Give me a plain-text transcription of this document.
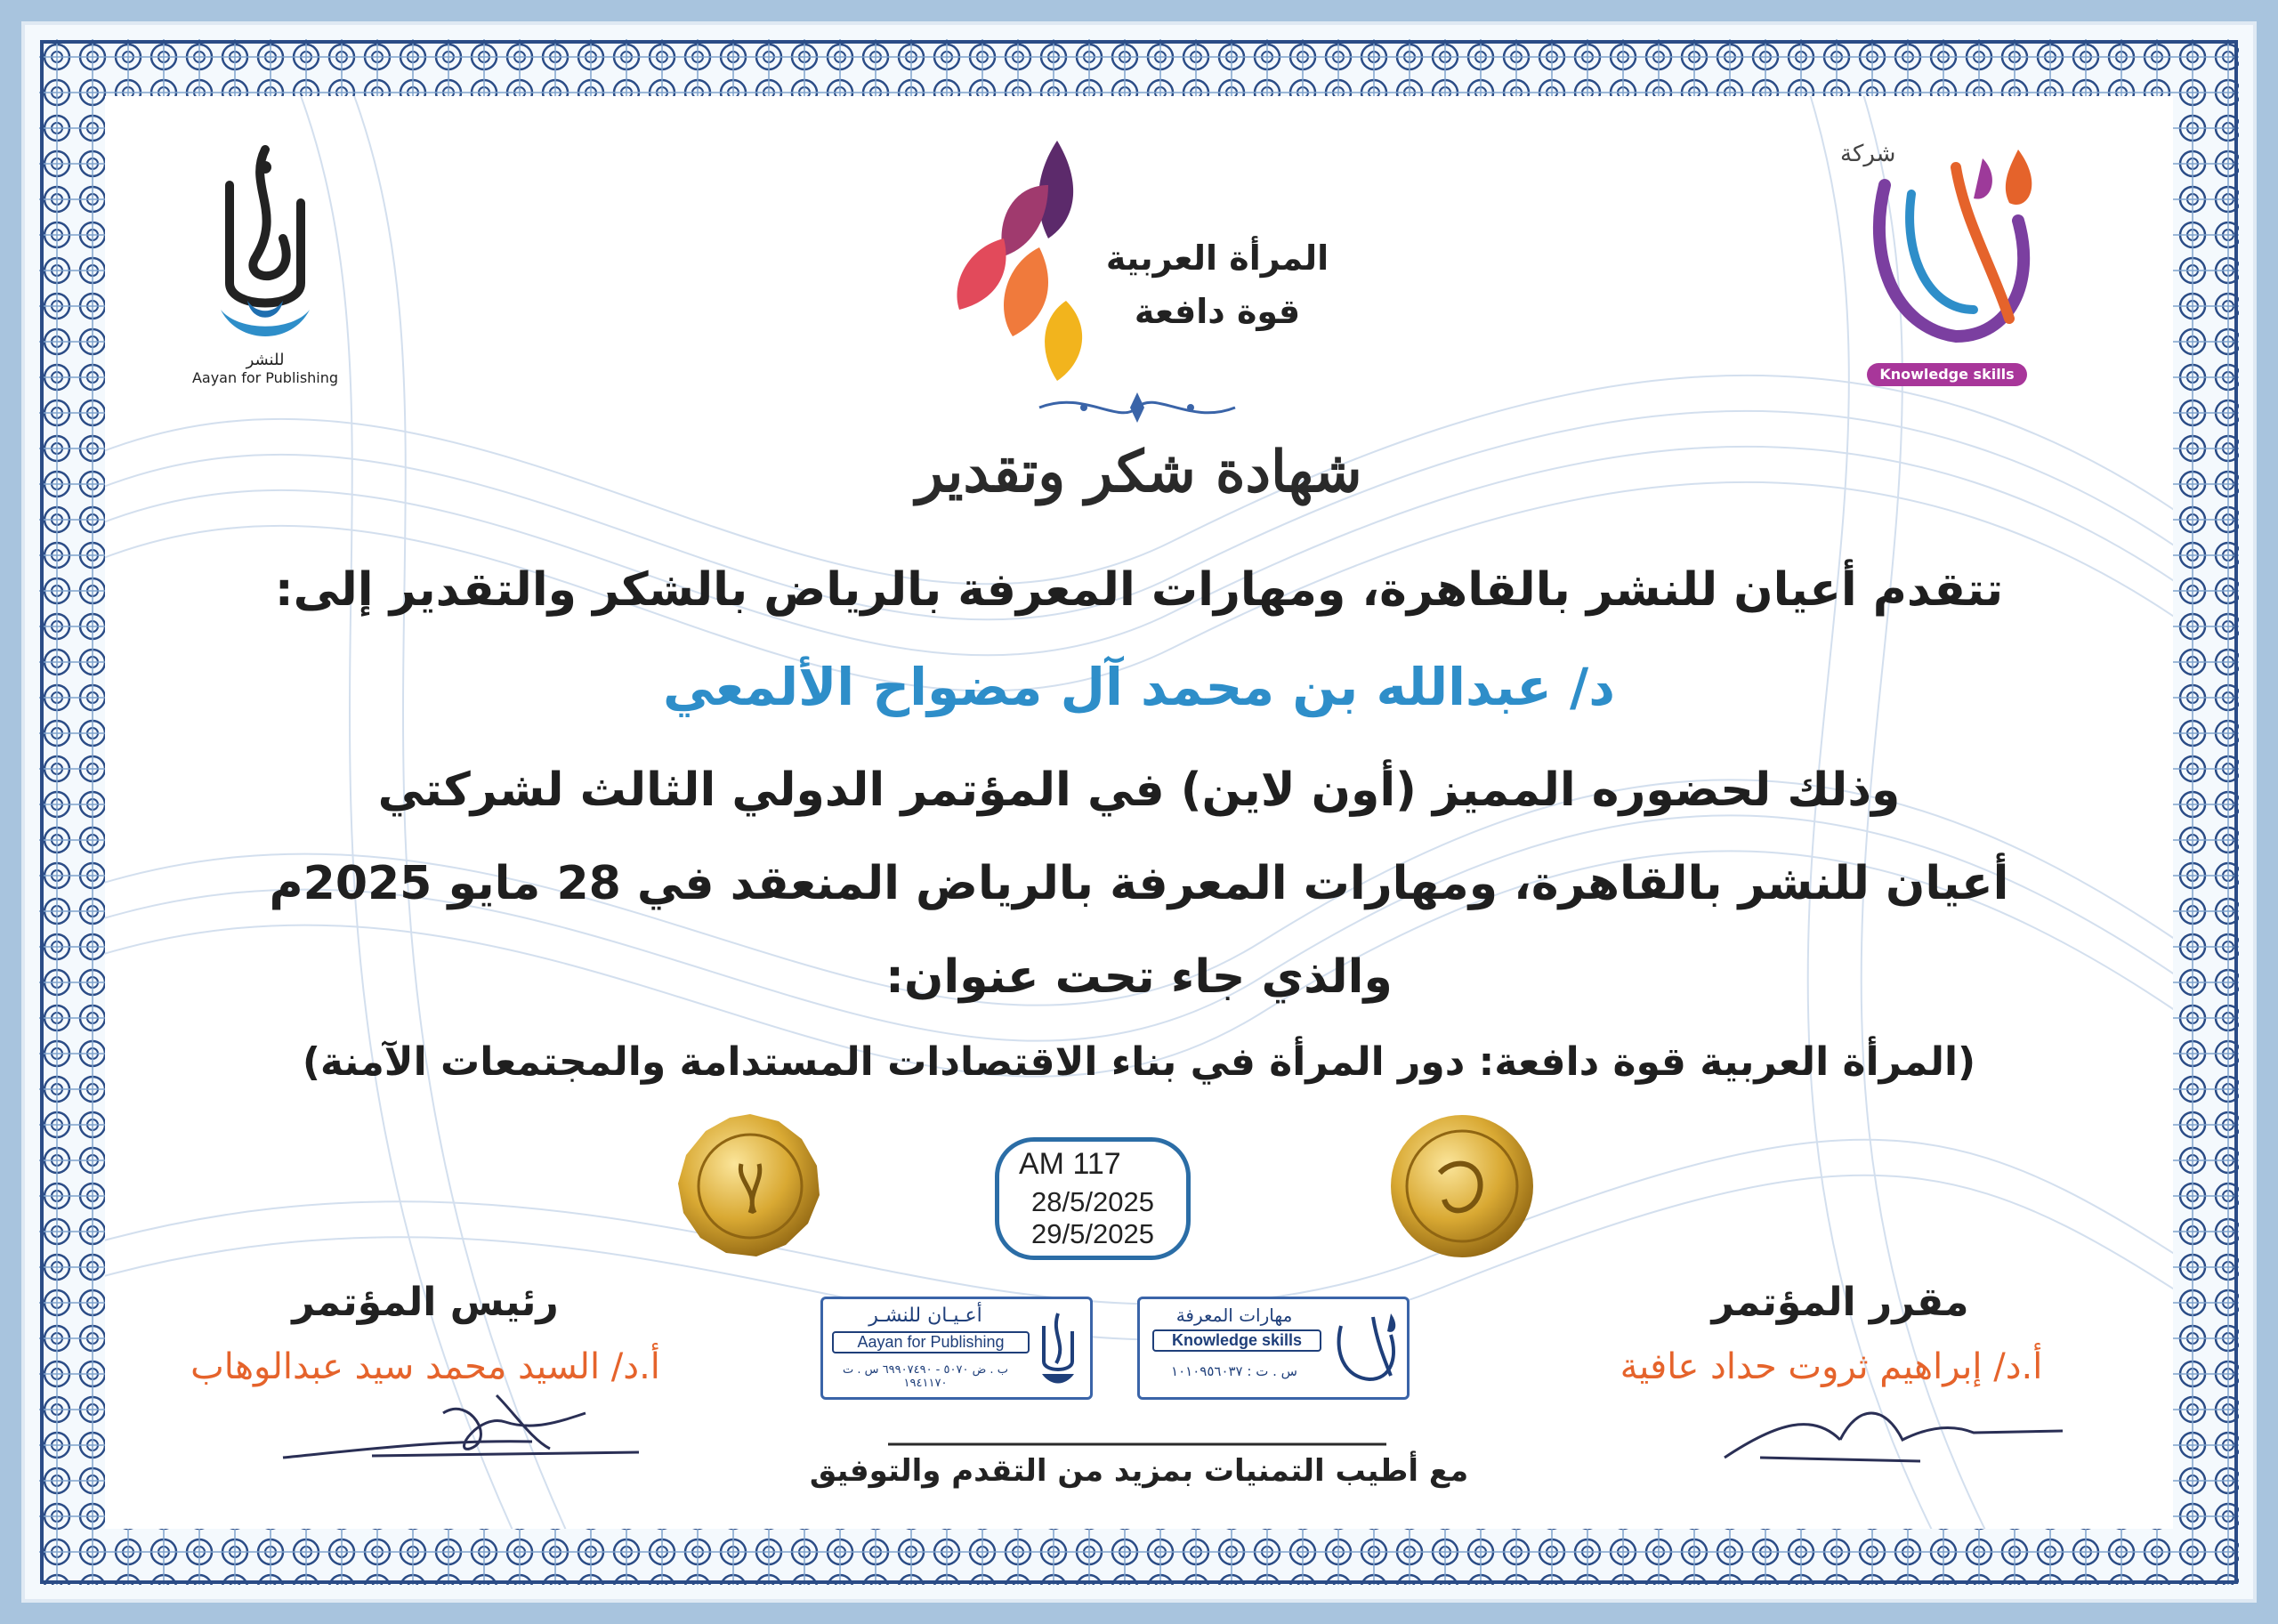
للنشر
Aayan for Publishing
المرأة العربية
قوة دافعة
شركة
Knowledge skills
شهادة شكر وتقدير
تتقدم أعيان للنشر بالقاهرة، ومهارات المعرفة بالرياض بالشكر والتقدير إلى:
د/ عبدالله بن محمد آل مضواح الألمعي
وذلك لحضوره المميز (أون لاين) في المؤتمر الدولي الثالث لشركتي
أعيان للنشر بالقاهرة، ومهارات المعرفة بالرياض المنعقد في 28 مايو 2025م
والذي جاء تحت عنوان:
(المرأة العربية قوة دافعة: دور المرأة في بناء الاقتصادات المستدامة والمجتمعات الآمنة)
AM 117
28/5/2025
29/5/2025
رئيس المؤتمر
أ.د/ السيد محمد سيد عبدالوهاب
مقرر المؤتمر
أ.د/ إبراهيم ثروت حداد عافية
أعـيـان للنشـر
Aayan for Publishing
ب . ض ٥٠٧٠ - ٦٩٩٠٧٤٩٠ س . ت ١٩٤١١٧٠
مهارات المعرفة
Knowledge skills
س . ت : ١٠١٠٩٥٦٠٣٧
مع أطيب التمنيات بمزيد من التقدم والتوفيق
